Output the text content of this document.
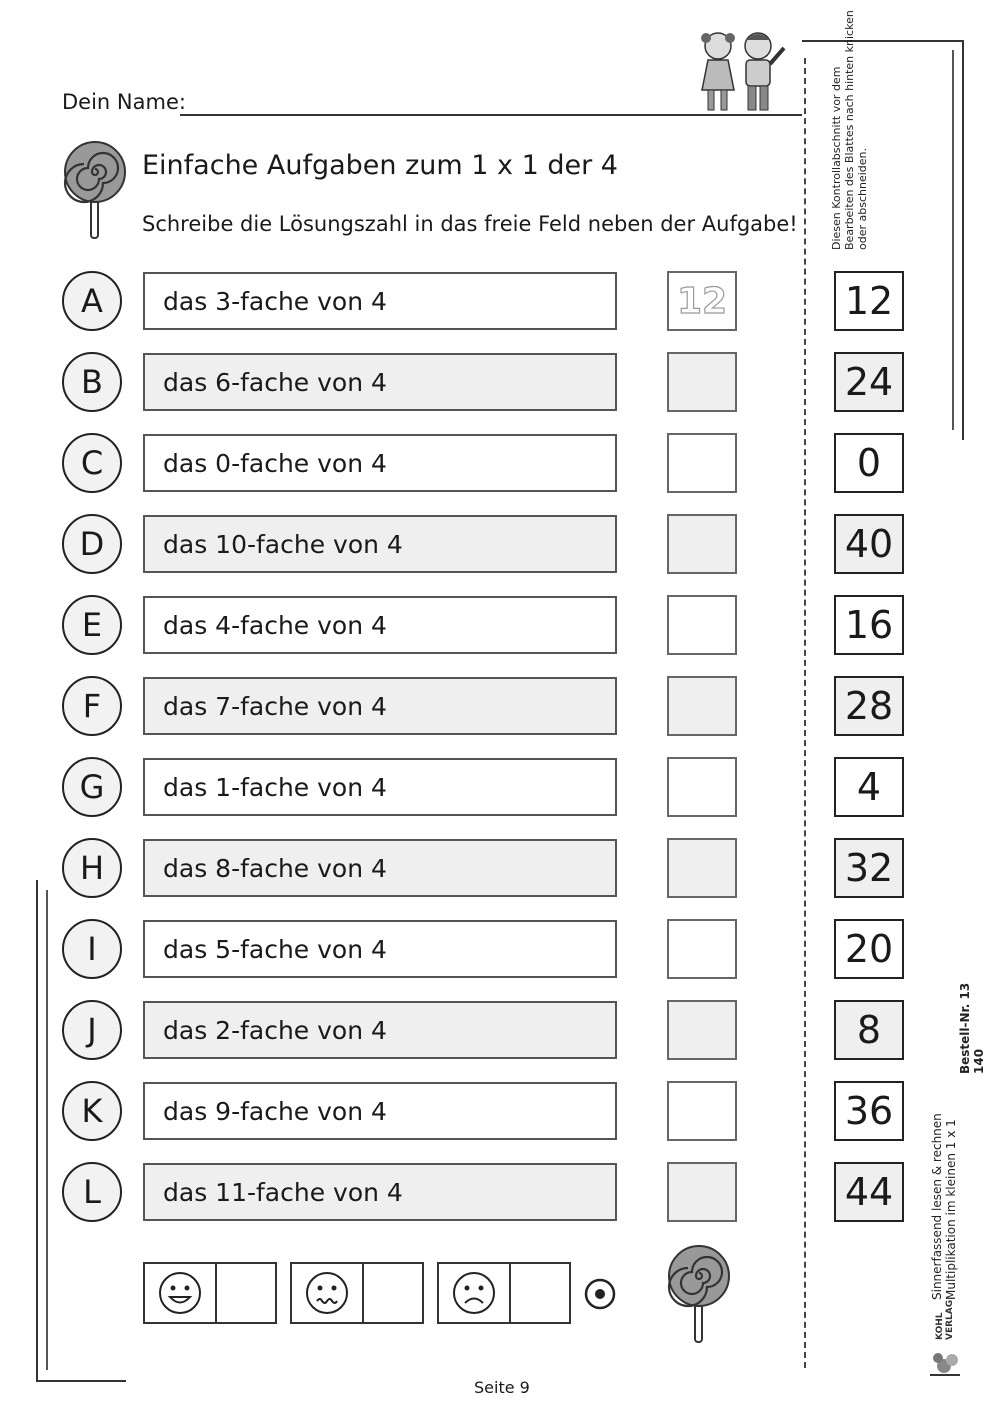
Dein Name:
Einfache Aufgaben zum 1 x 1 der 4
Schreibe die Lösungszahl in das freie Feld neben der Aufgabe!	Diesen Kontrollabschnitt vor dem Bearbeiten des Blattes nach hinten knicken oder abschneiden.
A	das 3-fache von 4	12	12
B	das 6-fache von 4	24
C	das 0-fache von 4	0
D	das 10-fache von 4	40
E	das 4-fache von 4	16
F	das 7-fache von 4	28
G	das 1-fache von 4	4
H	das 8-fache von 4	32
I	das 5-fache von 4	20
J	das 2-fache von 4	8
K	das 9-fache von 4	36
L	das 11-fache von 4	44	Sinnerfassend lesen & rechnen Multiplikation im kleinen 1 x 1
Bestell-Nr. 13 140
KOHL VERLAG
Seite 9
